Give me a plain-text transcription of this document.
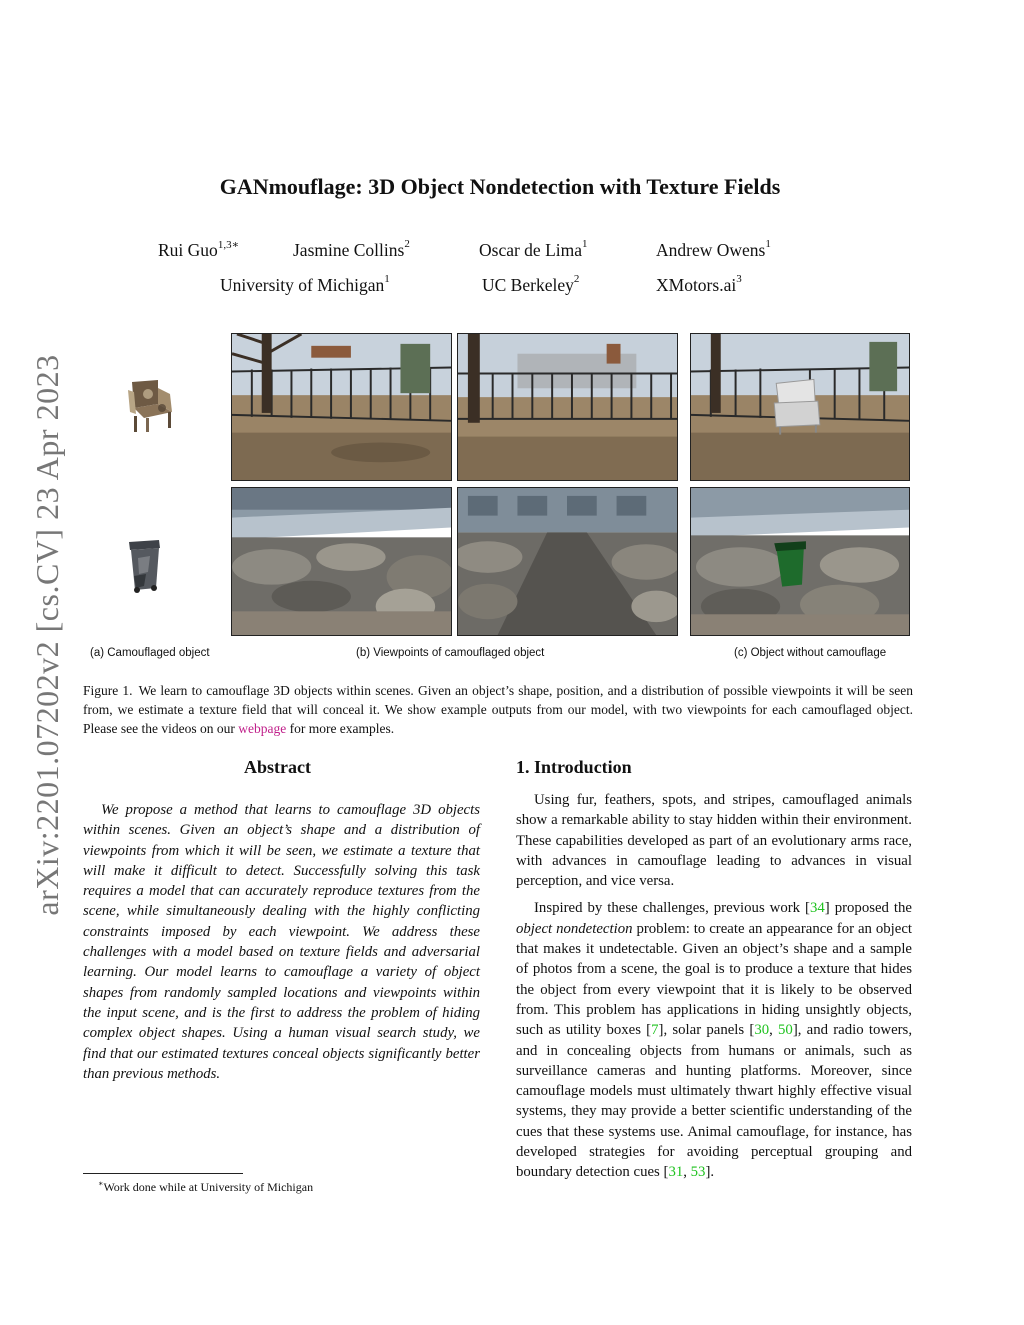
arXiv:2201.07202v2 [cs.CV] 23 Apr 2023
GANmouflage: 3D Object Nondetection with Texture Fields
Rui Guo$^{1,3∗}$	Jasmine Collins$^2$	Oscar de Lima$^1$	Andrew Owens$^1$
University of Michigan$^1$	UC Berkeley$^2$	$XMotors.ai^3$
(a) Camouflaged object	(b) Viewpoints of camouflaged object	(c) Object without camouflage
Figure 1. We learn to camouflage 3D objects within scenes. Given an object’s shape, position, and a distribution of possible viewpoints it will be seen from, we estimate a texture field that will conceal it. We show example outputs from our model, with two viewpoints for each camouflaged object. Please see the videos on our webpage for more examples.
Abstract
We propose a method that learns to camouflage 3D objects within scenes. Given an object’s shape and a distribution of viewpoints from which it will be seen, we estimate a texture that will make it difficult to detect. Successfully solving this task requires a model that can accurately reproduce textures from the scene, while simultaneously dealing with the highly conflicting constraints imposed by each viewpoint. We address these challenges with a model based on texture fields and adversarial learning. Our model learns to camouflage a variety of object shapes from randomly sampled locations and viewpoints within the input scene, and is the first to address the problem of hiding complex object shapes. Using a human visual search study, we find that our estimated textures conceal objects significantly better than previous methods.
1. Introduction

Using fur, feathers, spots, and stripes, camouflaged animals show a remarkable ability to stay hidden within their environment. These capabilities developed as part of an evolutionary arms race, with advances in camouflage leading to advances in visual perception, and vice versa.

Inspired by these challenges, previous work [34] proposed the object nondetection problem: to create an appearance for an object that makes it undetectable. Given an object’s shape and a sample of photos from a scene, the goal is to produce a texture that hides the object from every viewpoint that it is likely to be observed from. This problem has applications in hiding unsightly objects, such as utility boxes [7], solar panels [30, 50], and radio towers, and in concealing objects from humans or animals, such as surveillance cameras and hunting platforms. Moreover, since camouflage models must ultimately thwart highly effective visual systems, they may provide a better scientific understanding of the cues that these systems use. Animal camouflage, for instance, has developed strategies for avoiding perceptual grouping and boundary detection cues [31, 53].

∗Work done while at University of Michigan
